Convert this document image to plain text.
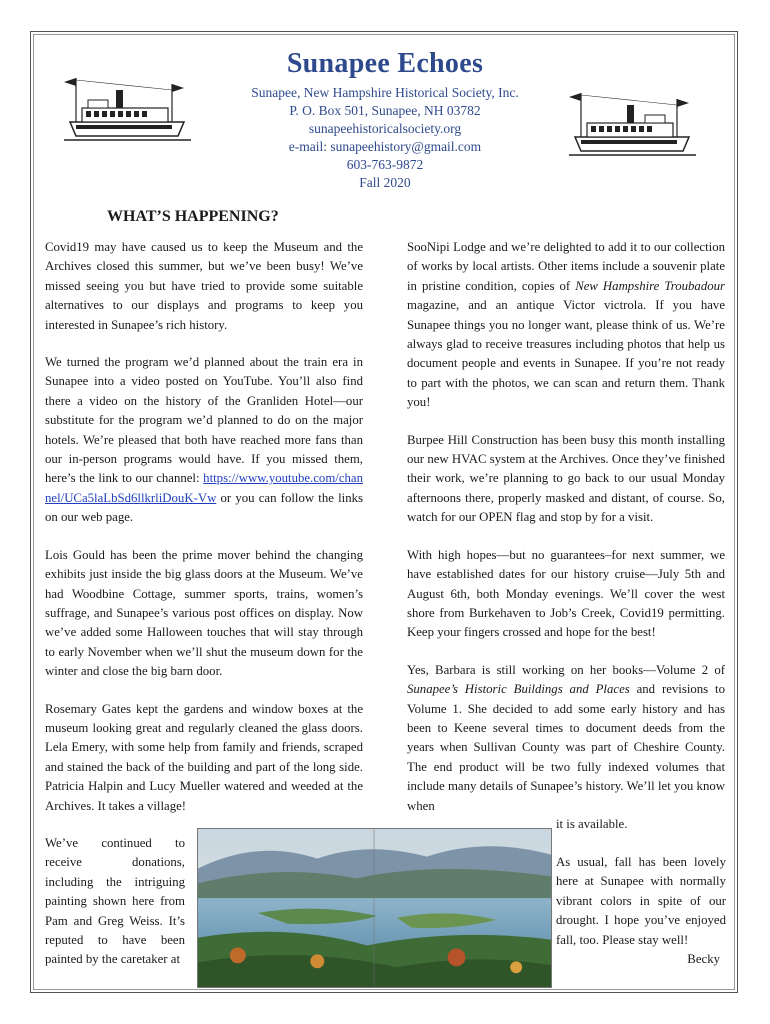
Sunapee Echoes
Sunapee, New Hampshire Historical Society, Inc.
P. O. Box 501, Sunapee, NH 03782
sunapeehistoricalsociety.org
e-mail: sunapeehistory@gmail.com
603-763-9872
Fall 2020
WHAT’S HAPPENING?

Covid19 may have caused us to keep the Museum and the Archives closed this summer, but we’ve been busy! We’ve missed seeing you but have tried to provide some suitable alternatives to our displays and programs to keep you interested in Sunapee’s rich history.

We turned the program we’d planned about the train era in Sunapee into a video posted on YouTube. You’ll also find there a video on the history of the Granliden Hotel—our substitute for the program we’d planned to do on the major hotels. We’re pleased that both have reached more fans than our in-person programs would have. If you missed them, here’s the link to our channel: https://www.youtube.com/channel/UCa5laLbSd6llkrliDouK-Vw or you can follow the links on our web page.

Lois Gould has been the prime mover behind the changing exhibits just inside the big glass doors at the Museum. We’ve had Woodbine Cottage, summer sports, trains, women’s suffrage, and Sunapee’s various post offices on display. Now we’ve added some Halloween touches that will stay through to early November when we’ll shut the museum down for the winter and close the big barn door.

Rosemary Gates kept the gardens and window boxes at the museum looking great and regularly cleaned the glass doors. Lela Emery, with some help from family and friends, scraped and stained the back of the building and part of the long side. Patricia Halpin and Lucy Mueller watered and weeded at the Archives. It takes a village!

We’ve continued to receive donations, including the intriguing painting shown here from Pam and Greg Weiss. It’s reputed to have been painted by the caretaker at

SooNipi Lodge and we’re delighted to add it to our collection of works by local artists. Other items include a souvenir plate in pristine condition, copies of New Hampshire Troubadour magazine, and an antique Victor victrola. If you have Sunapee things you no longer want, please think of us. We’re always glad to receive treasures including photos that help us document people and events in Sunapee. If you’re not ready to part with the photos, we can scan and return them. Thank you!

Burpee Hill Construction has been busy this month installing our new HVAC system at the Archives. Once they’ve finished their work, we’re planning to go back to our usual Monday afternoons there, properly masked and distant, of course. So, watch for our OPEN flag and stop by for a visit.

With high hopes—but no guarantees–for next summer, we have established dates for our history cruise—July 5th and August 6th, both Monday evenings. We’ll cover the west shore from Burkehaven to Job’s Creek, Covid19 permitting. Keep your fingers crossed and hope for the best!

Yes, Barbara is still working on her books—Volume 2 of Sunapee’s Historic Buildings and Places and revisions to Volume 1. She decided to add some early history and has been to Keene several times to document deeds from the years when Sullivan County was part of Cheshire County. The end product will be two fully indexed volumes that include many details of Sunapee’s history. We’ll let you know when

it is available.
As usual, fall has been lovely here at Sunapee with normally vibrant colors in spite of our drought. I hope you’ve enjoyed fall, too. Please stay well!
Becky
